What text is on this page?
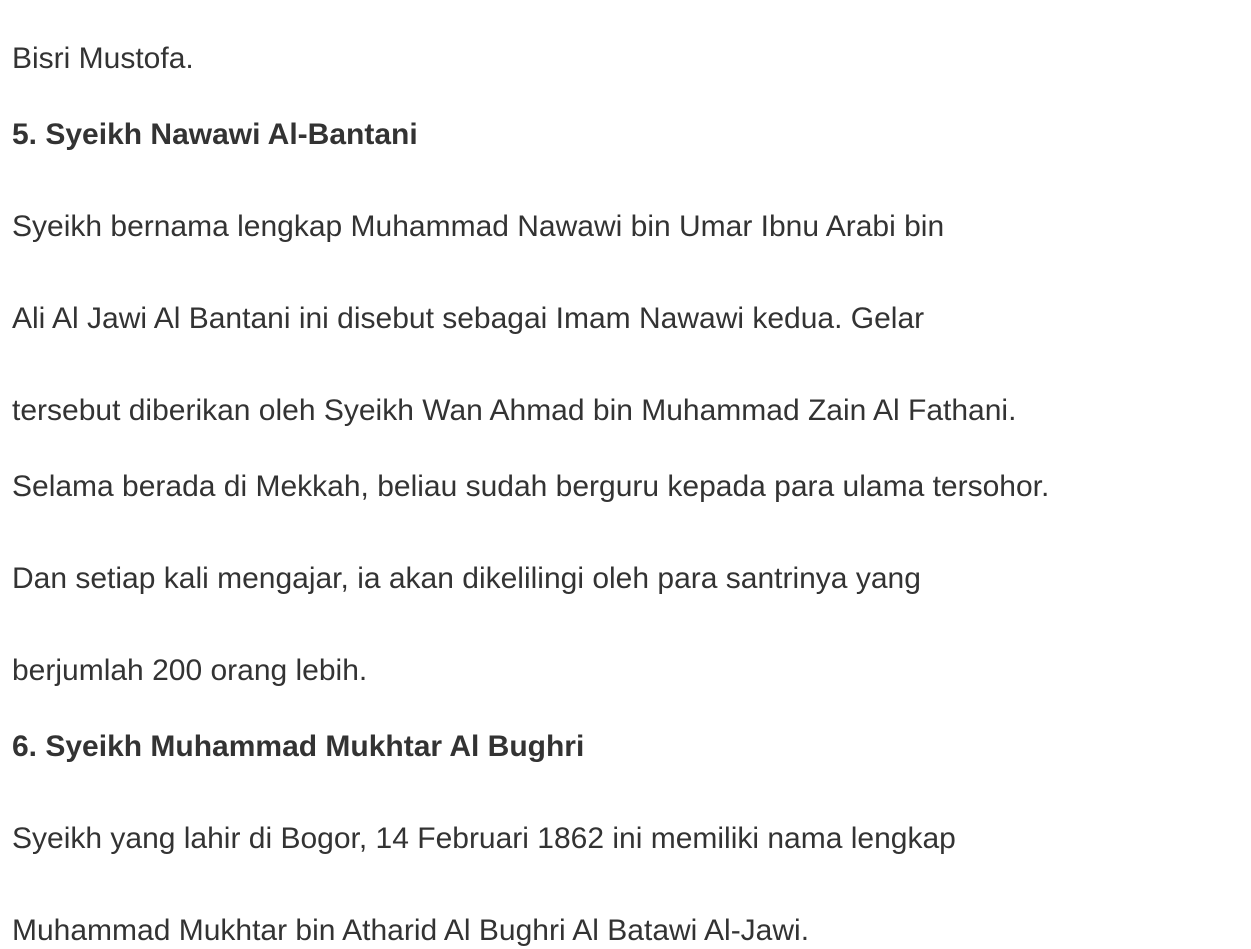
Bisri Mustofa.

5. Syeikh Nawawi Al-Bantani

Syeikh bernama lengkap Muhammad Nawawi bin Umar Ibnu Arabi bin

Ali Al Jawi Al Bantani ini disebut sebagai Imam Nawawi kedua. Gelar

tersebut diberikan oleh Syeikh Wan Ahmad bin Muhammad Zain Al Fathani.

Selama berada di Mekkah, beliau sudah berguru kepada para ulama tersohor.

Dan setiap kali mengajar, ia akan dikelilingi oleh para santrinya yang

berjumlah 200 orang lebih.

6. Syeikh Muhammad Mukhtar Al Bughri

Syeikh yang lahir di Bogor, 14 Februari 1862 ini memiliki nama lengkap

Muhammad Mukhtar bin Atharid Al Bughri Al Batawi Al-Jawi.
